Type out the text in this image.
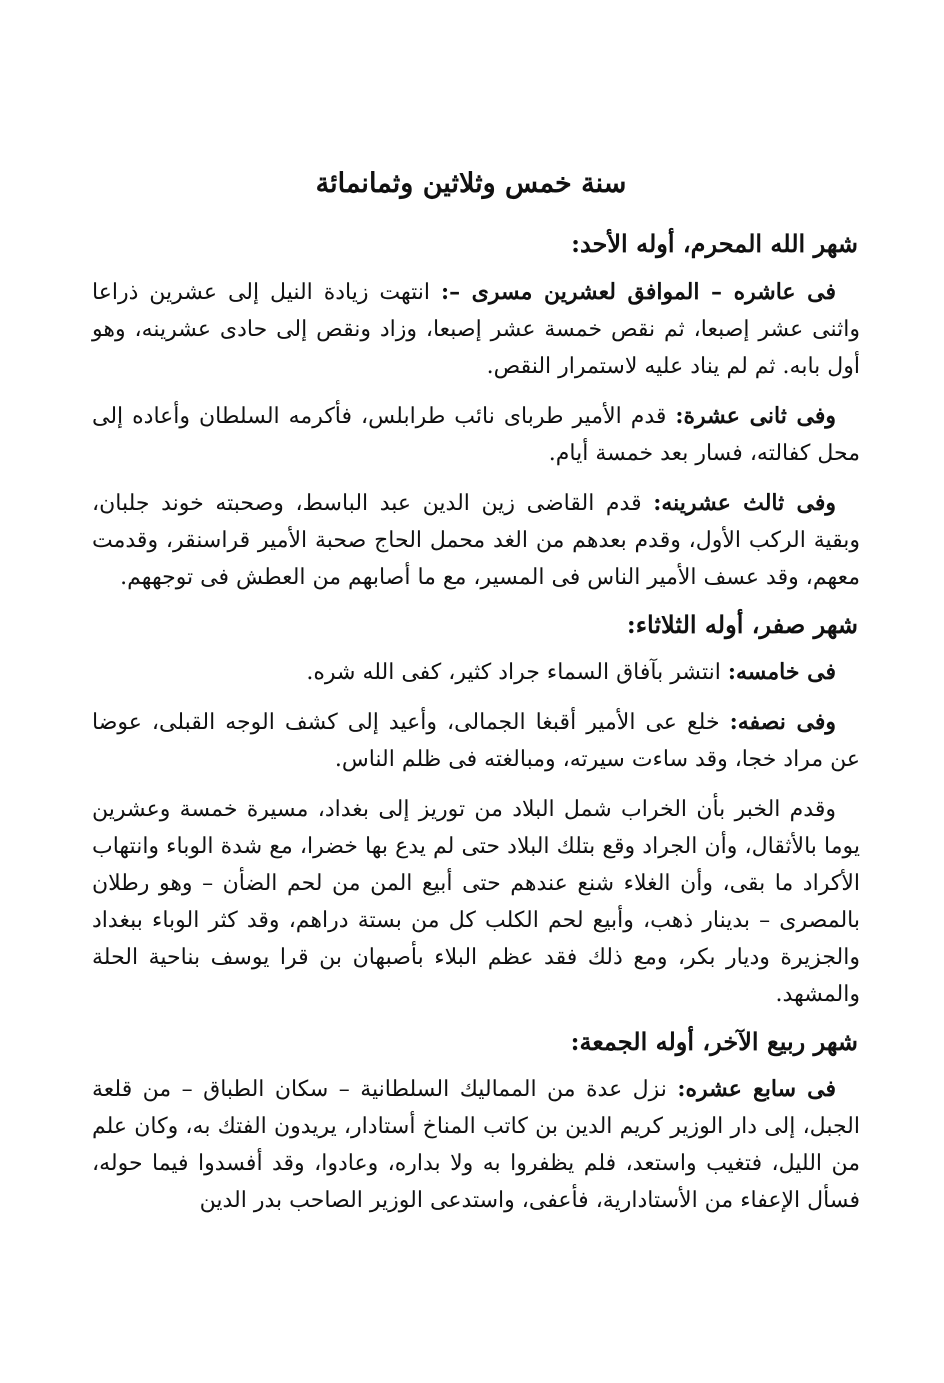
سنة خمس وثلاثين وثمانمائة
شهر الله المحرم، أوله الأحد:

فى عاشره – الموافق لعشرين مسرى –: انتهت زيادة النيل إلى عشرين ذراعا واثنى عشر إصبعا، ثم نقص خمسة عشر إصبعا، وزاد ونقص إلى حادى عشرينه، وهو أول بابه. ثم لم يناد عليه لاستمرار النقص.

وفى ثانى عشرة: قدم الأمير طربای نائب طرابلس، فأكرمه السلطان وأعاده إلى محل كفالته، فسار بعد خمسة أيام.

وفى ثالث عشرينه: قدم القاضى زين الدين عبد الباسط، وصحبته خوند جلبان، وبقية الركب الأول، وقدم بعدهم من الغد محمل الحاج صحبة الأمير قراسنقر، وقدمت معهم، وقد عسف الأمير الناس فى المسير، مع ما أصابهم من العطش فى توجههم.

شهر صفر، أوله الثلاثاء:

فى خامسه: انتشر بآفاق السماء جراد كثير، كفى الله شره.

وفى نصفه: خلع عى الأمير أقبغا الجمالى، وأعيد إلى كشف الوجه القبلى، عوضا عن مراد خجا، وقد ساءت سيرته، ومبالغته فى ظلم الناس.

وقدم الخبر بأن الخراب شمل البلاد من توريز إلى بغداد، مسيرة خمسة وعشرين يوما بالأثقال، وأن الجراد وقع بتلك البلاد حتى لم يدع بها خضرا، مع شدة الوباء وانتهاب الأكراد ما بقى، وأن الغلاء شنع عندهم حتى أبيع المن من لحم الضأن – وهو رطلان بالمصرى – بدينار ذهب، وأبيع لحم الكلب كل من بستة دراهم، وقد كثر الوباء ببغداد والجزيرة وديار بكر، ومع ذلك فقد عظم البلاء بأصبهان بن قرا يوسف بناحية الحلة والمشهد.

شهر ربيع الآخر، أوله الجمعة:

فى سابع عشره: نزل عدة من المماليك السلطانية – سكان الطباق – من قلعة الجبل، إلى دار الوزير كريم الدين بن كاتب المناخ أستادار، يريدون الفتك به، وكان علم من الليل، فتغيب واستعد، فلم يظفروا به ولا بداره، وعادوا، وقد أفسدوا فيما حوله، فسأل الإعفاء من الأستادارية، فأعفى، واستدعى الوزير الصاحب بدر الدين
